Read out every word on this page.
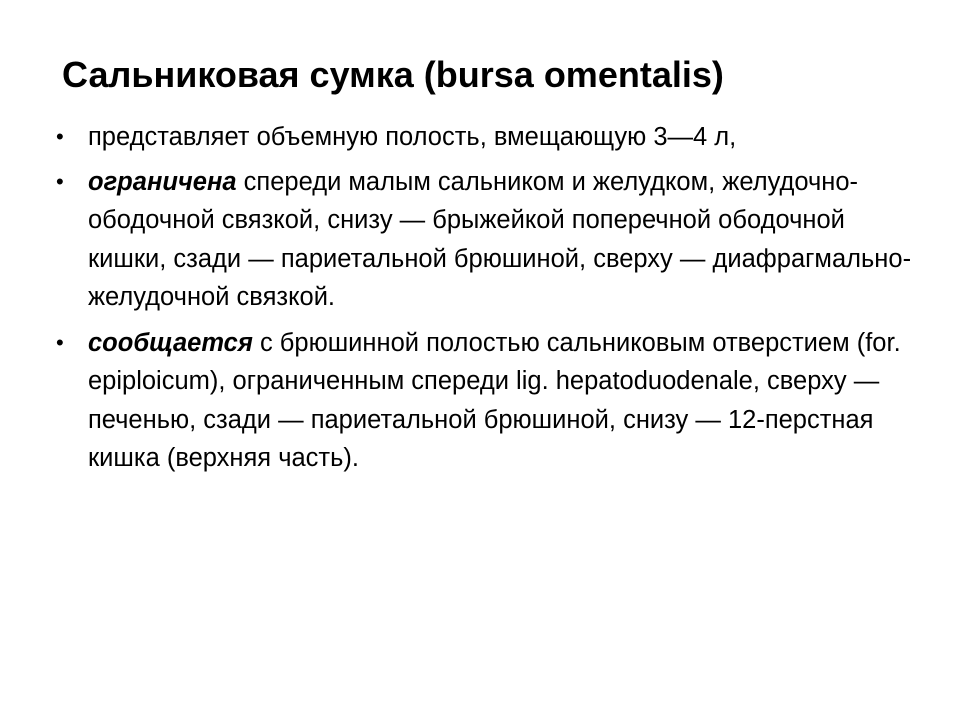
Сальниковая сумка (bursa omentalis)
• представляет объемную полость, вмещающую 3—4 л,
• ограничена спереди малым сальником и желудком, желудочно-ободочной связкой, снизу — брыжейкой поперечной ободочной кишки, сзади — париетальной брюшиной, сверху — диафрагмально-желудочной связкой.
• сообщается с брюшинной полостью сальниковым отверстием (for. epiploicum), ограниченным спереди lig. hepatoduodenale, сверху — печенью, сзади — париетальной брюшиной, снизу — 12-перстная кишка (верхняя часть).
